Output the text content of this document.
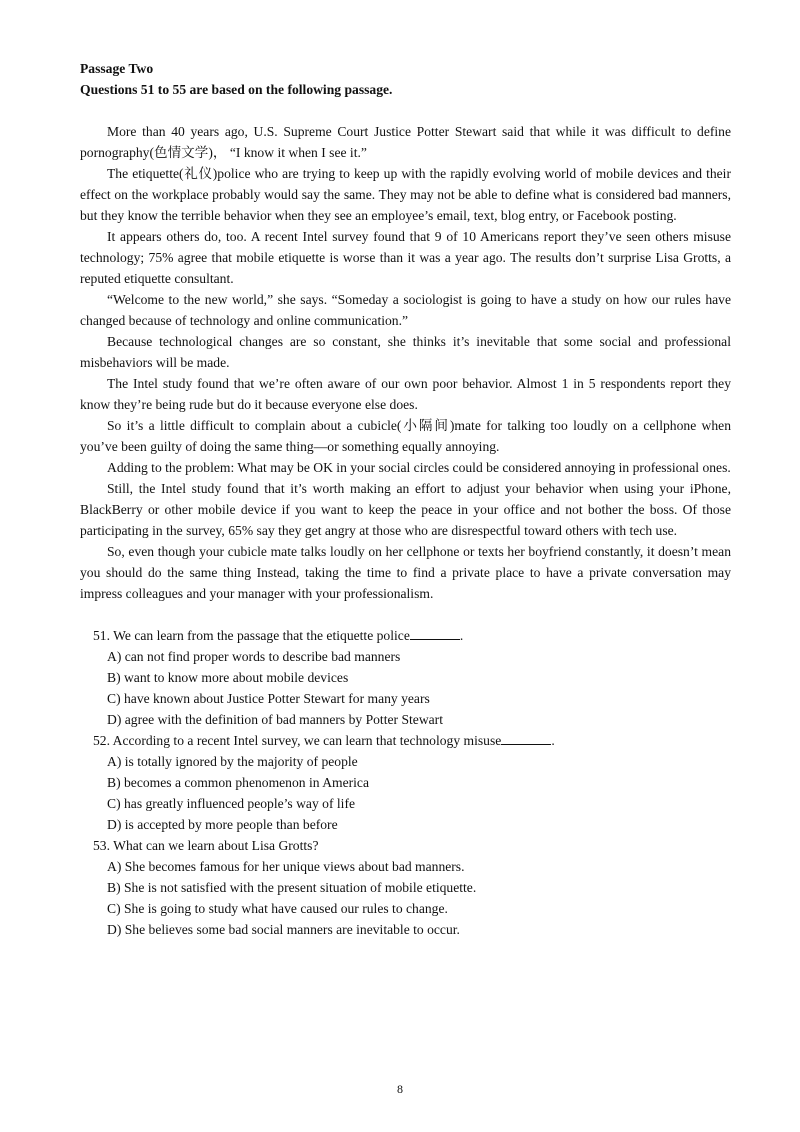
Passage Two

Questions 51 to 55 are based on the following passage.

More than 40 years ago, U.S. Supreme Court Justice Potter Stewart said that while it was difficult to define pornography(色情文学)， “I know it when I see it.”

The etiquette(礼仪)police who are trying to keep up with the rapidly evolving world of mobile devices and their effect on the workplace probably would say the same. They may not be able to define what is considered bad manners, but they know the terrible behavior when they see an employee’s email, text, blog entry, or Facebook posting.

It appears others do, too. A recent Intel survey found that 9 of 10 Americans report they’ve seen others misuse technology; 75% agree that mobile etiquette is worse than it was a year ago. The results don’t surprise Lisa Grotts, a reputed etiquette consultant.

“Welcome to the new world,” she says. “Someday a sociologist is going to have a study on how our rules have changed because of technology and online communication.”

Because technological changes are so constant, she thinks it’s inevitable that some social and professional misbehaviors will be made.

The Intel study found that we’re often aware of our own poor behavior. Almost 1 in 5 respondents report they know they’re being rude but do it because everyone else does.

So it’s a little difficult to complain about a cubicle(小隔间)mate for talking too loudly on a cellphone when you’ve been guilty of doing the same thing—or something equally annoying.

Adding to the problem: What may be OK in your social circles could be considered annoying in professional ones.

Still, the Intel study found that it’s worth making an effort to adjust your behavior when using your iPhone, BlackBerry or other mobile device if you want to keep the peace in your office and not bother the boss. Of those participating in the survey, 65% say they get angry at those who are disrespectful toward others with tech use.

So, even though your cubicle mate talks loudly on her cellphone or texts her boyfriend constantly, it doesn’t mean you should do the same thing Instead, taking the time to find a private place to have a private conversation may impress colleagues and your manager with your professionalism.

51. We can learn from the passage that the etiquette police	.

A) can not find proper words to describe bad manners

B) want to know more about mobile devices

C) have known about Justice Potter Stewart for many years

D) agree with the definition of bad manners by Potter Stewart

52. According to a recent Intel survey, we can learn that technology misuse	.

A) is totally ignored by the majority of people

B) becomes a common phenomenon in America

C) has greatly influenced people’s way of life

D) is accepted by more people than before

53. What can we learn about Lisa Grotts?

A) She becomes famous for her unique views about bad manners.

B) She is not satisfied with the present situation of mobile etiquette.

C) She is going to study what have caused our rules to change.

D) She believes some bad social manners are inevitable to occur.

8
